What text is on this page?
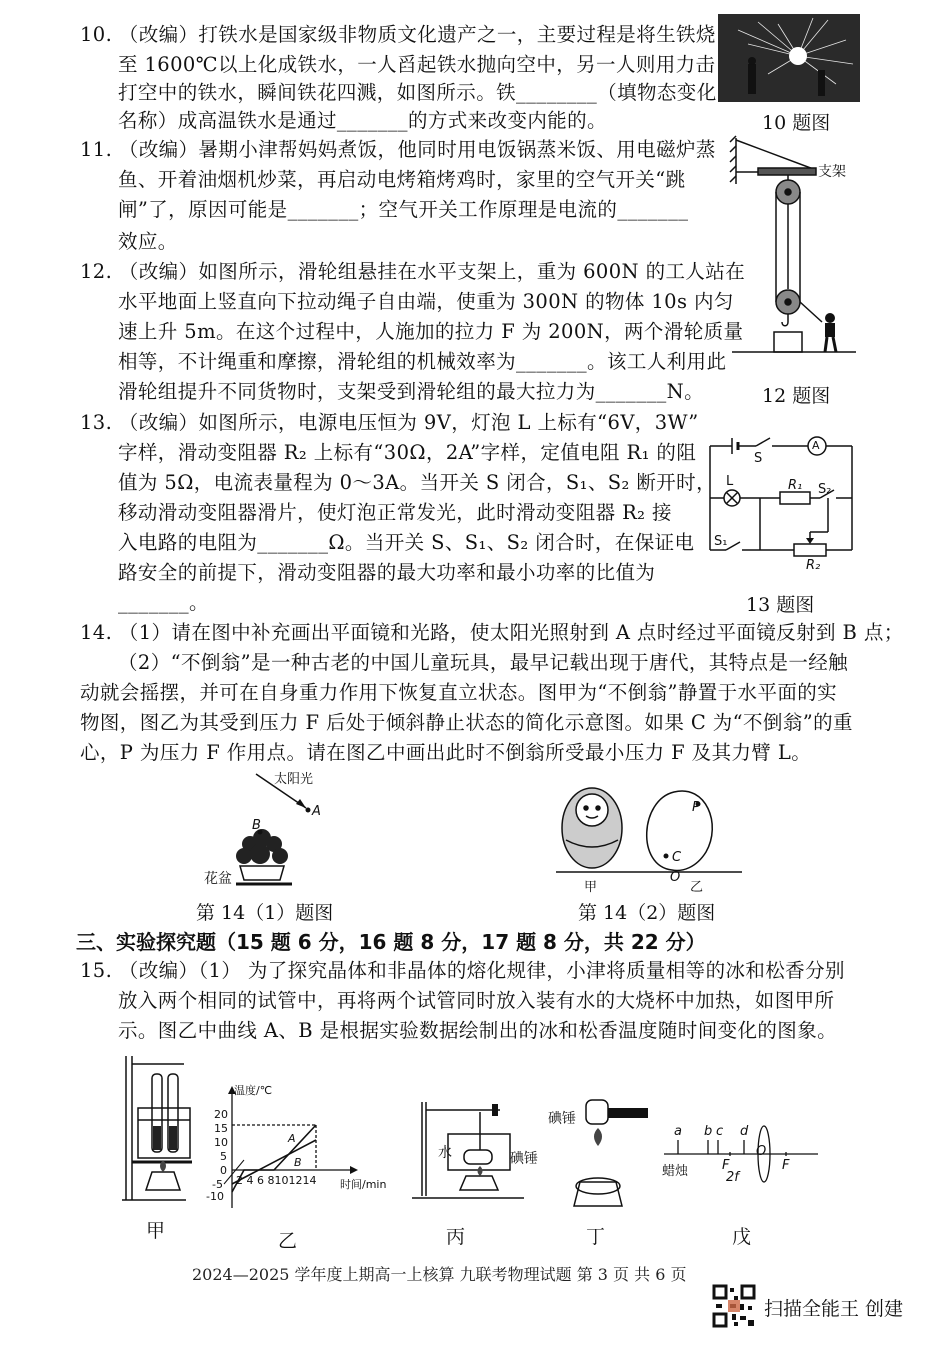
10. （改编）打铁水是国家级非物质文化遗产之一，主要过程是将生铁烧
至 1600℃以上化成铁水，一人舀起铁水抛向空中，另一人则用力击
打空中的铁水，瞬间铁花四溅，如图所示。铁________（填物态变化
名称）成高温铁水是通过_______的方式来改变内能的。	10 题图
11. （改编）暑期小津帮妈妈煮饭，他同时用电饭锅蒸米饭、用电磁炉蒸
鱼、开着油烟机炒菜，再启动电烤箱烤鸡时，家里的空气开关“跳
闸”了，原因可能是_______；空气开关工作原理是电流的_______
效应。
支架
12. （改编）如图所示，滑轮组悬挂在水平支架上，重为 600N 的工人站在
水平地面上竖直向下拉动绳子自由端，使重为 300N 的物体 10s 内匀
速上升 5m。在这个过程中，人施加的拉力 F 为 200N，两个滑轮质量
相等，不计绳重和摩擦，滑轮组的机械效率为_______。该工人利用此
滑轮组提升不同货物时，支架受到滑轮组的最大拉力为_______N。	12 题图
13. （改编）如图所示，电源电压恒为 9V，灯泡 L 上标有“6V，3W”
字样，滑动变阻器 R₂ 上标有“30Ω，2A”字样，定值电阻 R₁ 的阻
值为 5Ω，电流表量程为 0～3A。当开关 S 闭合，S₁、S₂ 断开时，
移动滑动变阻器滑片，使灯泡正常发光，此时滑动变阻器 R₂ 接
入电路的电阻为_______Ω。当开关 S、S₁、S₂ 闭合时，在保证电
路安全的前提下，滑动变阻器的最大功率和最小功率的比值为
_______。
S
A
L	R₁ S₂
S₁
R₂
13 题图
14. （1）请在图中补充画出平面镜和光路，使太阳光照射到 A 点时经过平面镜反射到 B 点；
（2）“不倒翁”是一种古老的中国儿童玩具，最早记载出现于唐代，其特点是一经触
动就会摇摆，并可在自身重力作用下恢复直立状态。图甲为“不倒翁”静置于水平面的实
物图，图乙为其受到压力 F 后处于倾斜静止状态的简化示意图。如果 C 为“不倒翁”的重
心，P 为压力 F 作用点。请在图乙中画出此时不倒翁所受最小压力 F 及其力臂 L。
太阳光
A
B
花盆
第 14（1）题图
P
C
甲
O
乙
第 14（2）题图
三、实验探究题（15 题 6 分，16 题 8 分，17 题 8 分，共 22 分）
15. （改编）（1） 为了探究晶体和非晶体的熔化规律，小津将质量相等的冰和松香分别
放入两个相同的试管中，再将两个试管同时放入装有水的大烧杯中加热，如图甲所
示。图乙中曲线 A、B 是根据实验数据绘制出的冰和松香温度随时间变化的图象。
甲
20
15
10
5
0
-5
-10
2 4 6 8101214
温度/℃
时间/min
A
B
乙
水	碘锤
丙
碘锤
丁
a b c d
蜡烛	F
2f
O
F
戊
2024—2025 学年度上期高一上核算 九联考物理试题 第 3 页 共 6 页
扫描全能王 创建
